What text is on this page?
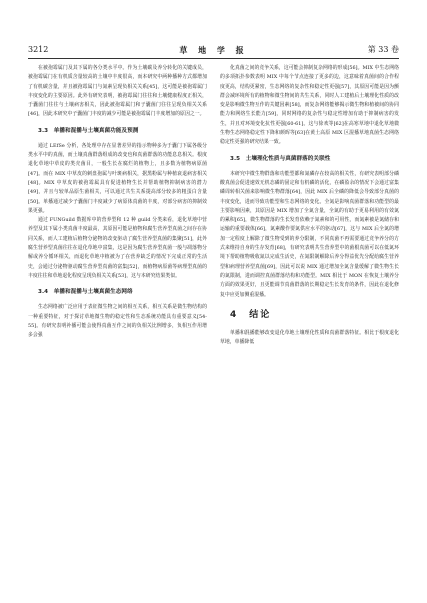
3212	草 地 学 报	第 33 卷

在被孢霉属门及其下属的各分类水平中。作为土壤碳及养分转化的关键成员，被孢霉属门在有机质含量较高的土壤中丰度很高，而本研究中两种播种方式都增加了有机碳含量，并且被孢霉属门与氮素呈现负相关关系[45]，这可能是被孢霉属门丰度变化的主要原因。此外有研究表明，被孢霉属门往往和土壤健康程度正相关，于囊菌门往往与土壤病害相关，因此被孢霉属门和子囊菌门往往呈现负相关关系[46]，因此本研究中子囊菌门丰度的减少可能是被孢霉属门丰度增加的原因之一。

3.3　单播和混播与土壤真菌功能及预测

通过 LEfSe 分析，各处理中存在显著差异的指示物种多为于囊门下属各级分类水平中的真菌，而土壤真菌群落组成的改变也和真菌群落的功能息息相关。根度退化草地中草皮的类壳菌目，一般生长在腐烂的植物上，且多数为植物病原菌[47]。而在 MIX 中草皮的刺盘孢属与叶斑病相关，据黑粉属与种植衰退病害相关[48]。MIX 中草皮的被孢霉属具有促进植物生长并帮助植物抑制病害的潜力[49]，并且与较单品原生菌相关，可以通过共生关系提高部分较多的粗蛋白含量[50]。单播通过减少子囊菌门丰度减少了病原体真菌的丰度，对部分病害的抑制效果更强。

通过 FUNGuild 数据库中的营养型和 12 种 guild 分类来看，退化草地中营养型及其下属小类真菌丰度最高，其原因可能是植物和腐生营养型真菌之间存在协同关系，而人工建植后植物分泌物的改变驱动了腐生营养型真菌的集聚[51]，此外腐生营养型真菌往往在退化草地中富集，这是因为腐生营养型真菌一般与凋落物分解或养分循环相关，而退化草地中植被为了在营养缺乏的情况下完成正常的生活史，会通过分泌物驱动腐生营养型真菌的富集[52]，而植物病原菌等病理型真菌的丰度往往和草地退化程度呈现负相关关系[53]，这与本研究结果类似。

3.4　单播和混播与土壤真菌生态网络

生态网络被广泛应用于表征微生物之间的相互关系，相互关系是微生物结构的一种重要特征，对于探讨草地微生物的稳定性和生态系统功能具有重要意义[54-55]。有研究表明补播可能会使得真菌互作之间的负相关比例增多，负相互作用增多会强

化真菌之间的竞争关系，这可能会抑制复杂网络的形成[56]。MIX 中生态网络的多项拓扑参数表明 MIX 中每个节点连接了更多的边，这意味着真菌间的合作程度更高，结构更紧密，生态网络的复杂性和稳定性更强[57]，其原因可能是因为颤群会减环境所有的植物和微生物间的共生关系，同时人工建植后土壤理化性质的改变是影响微生物互作的关键因素[58]，而复杂网络能够揭示微生物和植被间的协同能力和网络生长能力[59]，同时网络的复杂性与稳定性增加有助于抑制病害的发生，并且对环境变化抗性更强[60-61]。这与徐欢等[62]在高寒草地中退化草地微生物生态网络稳定性下降和颜晖等[63]在黄土高原 MIX 区混播草地真菌生态网络稳定性更强的研究结果一致。

3.5　土壤理化性质与真菌群落的关联性

本研究中微生物群落和功能型都和氮磷存在较高的相关性，有研究表明部分磷酸真菌会促进速效无机态磷的固定和有机磷的活化，在磷盈余的情况下会通过富集磷周转相关菌来影响微生物群落[64]，因此 MIX 后全磷的降低会导致部分真菌的丰度变化，进而导致功能型和生态网络的变化。全氮是影响真菌群落和功能型的最主要影响因素，其原因是 MIX 增加了全氮含量，全氮的有助于更易利用的有效氮的累积[65]，微生物群落的生长发育依赖于氮素和的可用性，而氮素被是氮储存和运输的重要载体[66]，氮素酸作要氮供应水平的驱动[67]，这与 MIX 后全氮的增加一定程度上解除了微生物受到的养分限制，不同真菌不再需要通过竞争养分的方式来维持自身的生存发育[68]，有研究表明共生营养型中的菌根真菌可以在低氮环境下帮助植物吸收氮以完成生活史，在氮限制解除后养分得益优先分配给腐生营养型和病理营养型真菌[69]，因此可以说 MIX 通过增加全氮含量缓解了微生物生长的氮限制，进而调控真菌群落结构和功能型。MIX 相比于 MON 在恢复土壤养分方面的效果更好，且更能调节真菌群落的长期稳定生长发育的条件，因此在退化修复中应更加侧重混播。

4　结论

单播和混播能够改变退化草地土壤理化性质和真菌群落特征。相比于根度退化草地，单播降低
